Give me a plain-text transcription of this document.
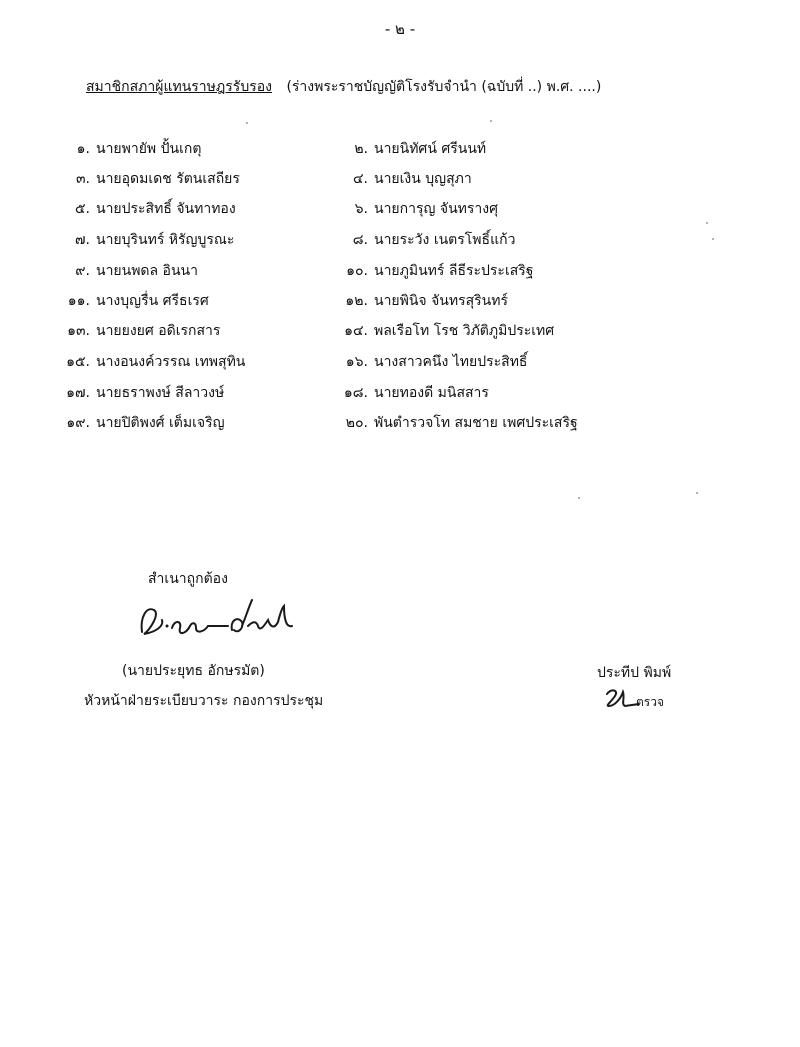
- ๒ -
สมาชิกสภาผู้แทนราษฎรรับรอง (ร่างพระราชบัญญัติโรงรับจำนำ (ฉบับที่ ..) พ.ศ. ....)
๑. นายพายัพ ปั้นเกตุ	๒. นายนิทัศน์ ศรีนนท์
๓. นายอุดมเดช รัตนเสถียร	๔. นายเงิน บุญสุภา
๕. นายประสิทธิ์ จันทาทอง	๖. นายการุญ จันทรางศุ
๗. นายบุรินทร์ หิรัญบูรณะ	๘. นายระวัง เนตรโพธิ์แก้ว
๙. นายนพดล อินนา	๑๐. นายภูมินทร์ ลีธีระประเสริฐ
๑๑. นางบุญรื่น ศรีธเรศ	๑๒. นายพินิจ จันทรสุรินทร์
๑๓. นายยงยศ อดิเรกสาร	๑๔. พลเรือโท โรช วิภัติภูมิประเทศ
๑๕. นางอนงค์วรรณ เทพสุทิน	๑๖. นางสาวคนึง ไทยประสิทธิ์
๑๗. นายธราพงษ์ สีลาวงษ์	๑๘. นายทองดี มนิสสาร
๑๙. นายปิติพงศ์ เต็มเจริญ	๒๐. พันตำรวจโท สมชาย เพศประเสริฐ
สำเนาถูกต้อง
(นายประยุทธ อักษรมัต)
หัวหน้าฝ่ายระเบียบวาระ กองการประชุม
ประทีป พิมพ์
ตรวจ
